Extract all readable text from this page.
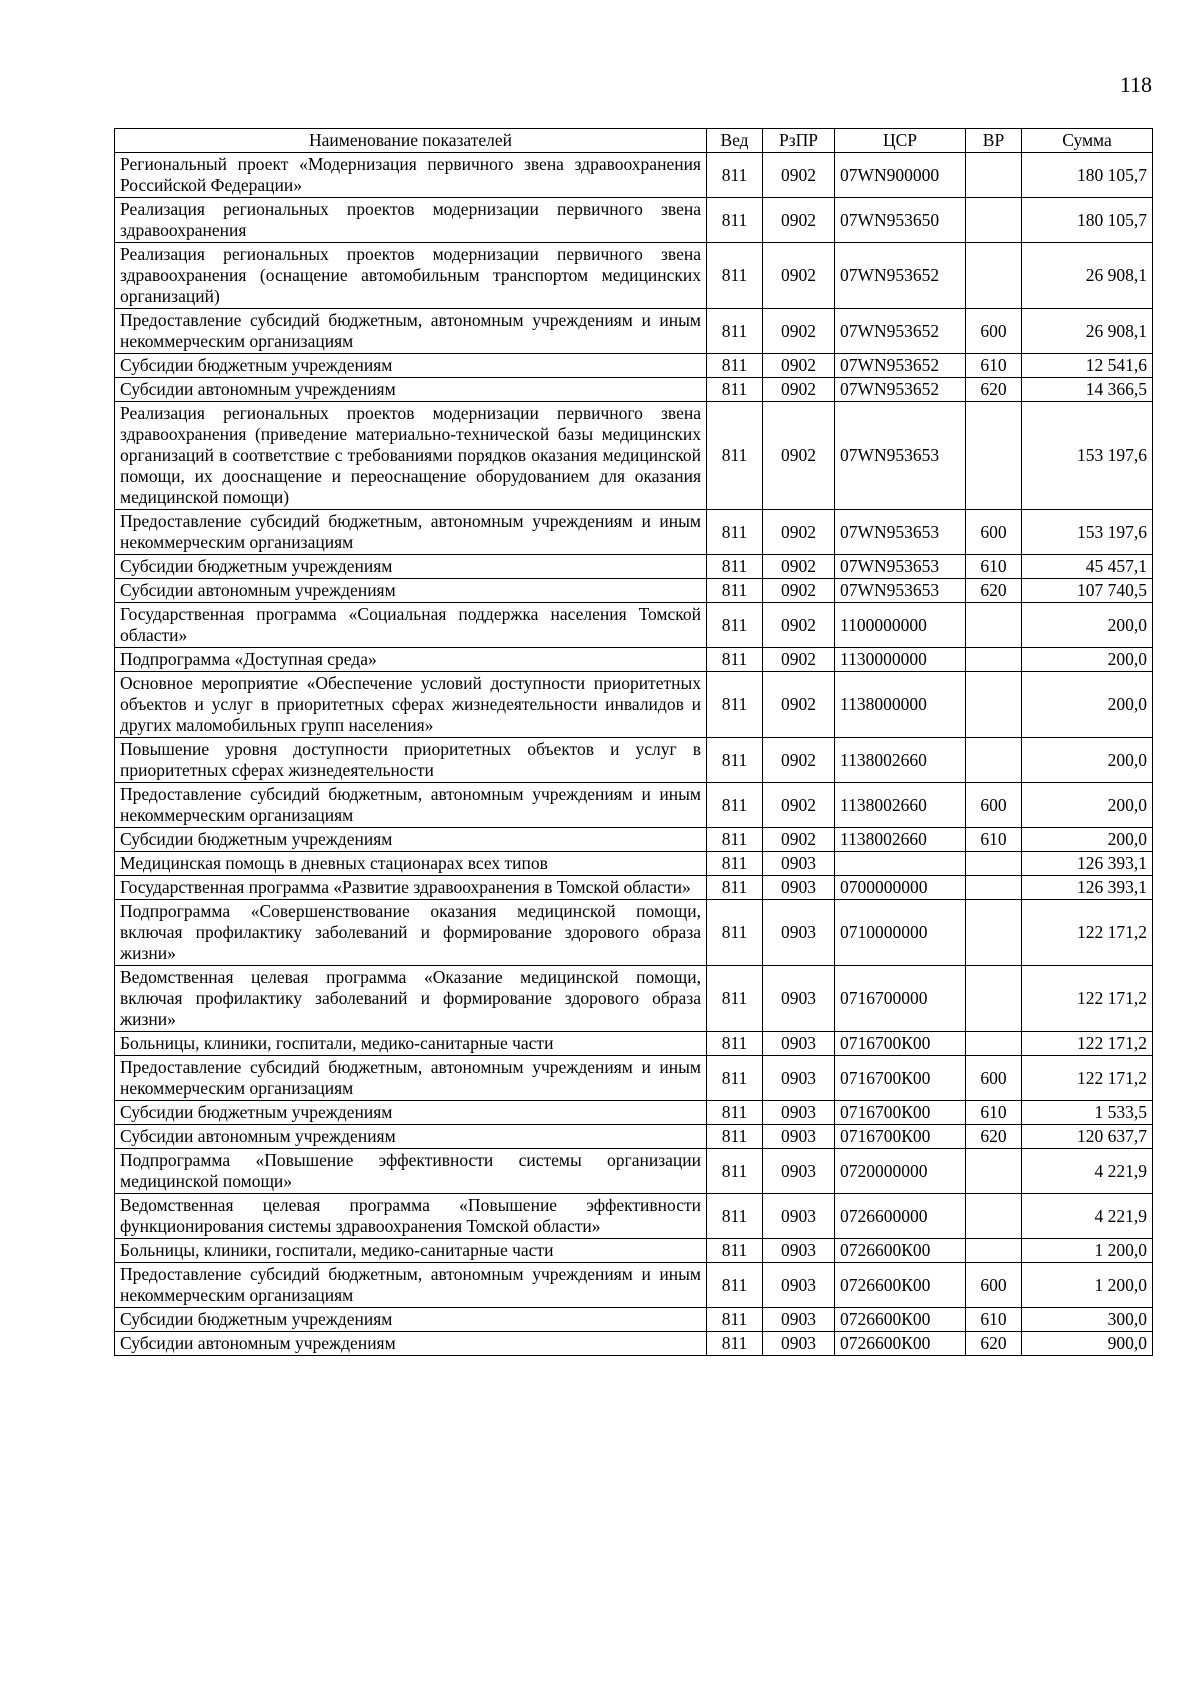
118
Наименование показателей	Вед	РзПР	ЦСР	ВР	Сумма
Региональный проект «Модернизация первичного звена здравоохранения Российской Федерации»	811	0902	07WN900000		180 105,7
Реализация региональных проектов модернизации первичного звена здравоохранения	811	0902	07WN953650		180 105,7
Реализация региональных проектов модернизации первичного звена здравоохранения (оснащение автомобильным транспортом медицинских организаций)	811	0902	07WN953652		26 908,1
Предоставление субсидий бюджетным, автономным учреждениям и иным некоммерческим организациям	811	0902	07WN953652	600	26 908,1
Субсидии бюджетным учреждениям	811	0902	07WN953652	610	12 541,6
Субсидии автономным учреждениям	811	0902	07WN953652	620	14 366,5
Реализация региональных проектов модернизации первичного звена здравоохранения (приведение материально-технической базы медицинских организаций в соответствие с требованиями порядков оказания медицинской помощи, их дооснащение и переоснащение оборудованием для оказания медицинской помощи)	811	0902	07WN953653		153 197,6
Предоставление субсидий бюджетным, автономным учреждениям и иным некоммерческим организациям	811	0902	07WN953653	600	153 197,6
Субсидии бюджетным учреждениям	811	0902	07WN953653	610	45 457,1
Субсидии автономным учреждениям	811	0902	07WN953653	620	107 740,5
Государственная программа «Социальная поддержка населения Томской области»	811	0902	1100000000		200,0
Подпрограмма «Доступная среда»	811	0902	1130000000		200,0
Основное мероприятие «Обеспечение условий доступности приоритетных объектов и услуг в приоритетных сферах жизнедеятельности инвалидов и других маломобильных групп населения»	811	0902	1138000000		200,0
Повышение уровня доступности приоритетных объектов и услуг в приоритетных сферах жизнедеятельности	811	0902	1138002660		200,0
Предоставление субсидий бюджетным, автономным учреждениям и иным некоммерческим организациям	811	0902	1138002660	600	200,0
Субсидии бюджетным учреждениям	811	0902	1138002660	610	200,0
Медицинская помощь в дневных стационарах всех типов	811	0903			126 393,1
Государственная программа «Развитие здравоохранения в Томской области»	811	0903	0700000000		126 393,1
Подпрограмма «Совершенствование оказания медицинской помощи, включая профилактику заболеваний и формирование здорового образа жизни»	811	0903	0710000000		122 171,2
Ведомственная целевая программа «Оказание медицинской помощи, включая профилактику заболеваний и формирование здорового образа жизни»	811	0903	0716700000		122 171,2
Больницы, клиники, госпитали, медико-санитарные части	811	0903	0716700К00		122 171,2
Предоставление субсидий бюджетным, автономным учреждениям и иным некоммерческим организациям	811	0903	0716700К00	600	122 171,2
Субсидии бюджетным учреждениям	811	0903	0716700К00	610	1 533,5
Субсидии автономным учреждениям	811	0903	0716700К00	620	120 637,7
Подпрограмма «Повышение эффективности системы организации медицинской помощи»	811	0903	0720000000		4 221,9
Ведомственная целевая программа «Повышение эффективности функционирования системы здравоохранения Томской области»	811	0903	0726600000		4 221,9
Больницы, клиники, госпитали, медико-санитарные части	811	0903	0726600К00		1 200,0
Предоставление субсидий бюджетным, автономным учреждениям и иным некоммерческим организациям	811	0903	0726600К00	600	1 200,0
Субсидии бюджетным учреждениям	811	0903	0726600К00	610	300,0
Субсидии автономным учреждениям	811	0903	0726600К00	620	900,0
